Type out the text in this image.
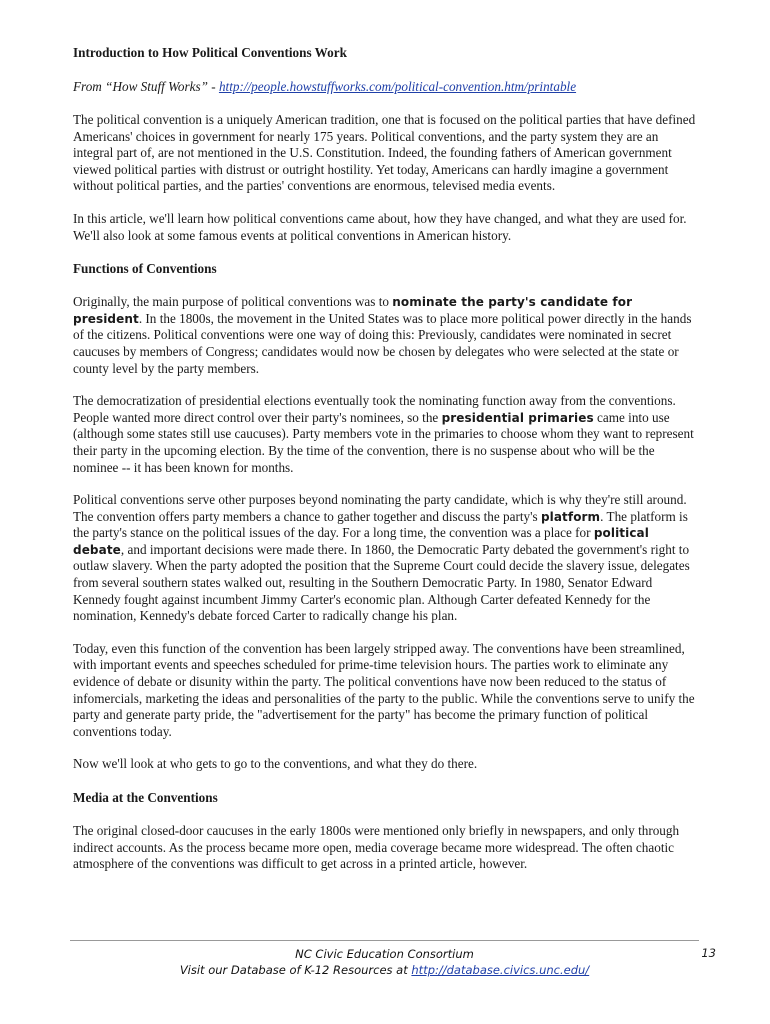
Introduction to How Political Conventions Work
From “How Stuff Works” - http://people.howstuffworks.com/political-convention.htm/printable

The political convention is a uniquely American tradition, one that is focused on the political parties that have defined Americans' choices in government for nearly 175 years. Political conventions, and the party system they are an integral part of, are not mentioned in the U.S. Constitution. Indeed, the founding fathers of American government viewed political parties with distrust or outright hostility. Yet today, Americans can hardly imagine a government without political parties, and the parties' conventions are enormous, televised media events.

In this article, we'll learn how political conventions came about, how they have changed, and what they are used for. We'll also look at some famous events at political conventions in American history.

Functions of Conventions

Originally, the main purpose of political conventions was to nominate the party's candidate for president. In the 1800s, the movement in the United States was to place more political power directly in the hands of the citizens. Political conventions were one way of doing this: Previously, candidates were nominated in secret caucuses by members of Congress; candidates would now be chosen by delegates who were selected at the state or county level by the party members.

The democratization of presidential elections eventually took the nominating function away from the conventions. People wanted more direct control over their party's nominees, so the presidential primaries came into use (although some states still use caucuses). Party members vote in the primaries to choose whom they want to represent their party in the upcoming election. By the time of the convention, there is no suspense about who will be the nominee -- it has been known for months.

Political conventions serve other purposes beyond nominating the party candidate, which is why they're still around. The convention offers party members a chance to gather together and discuss the party's platform. The platform is the party's stance on the political issues of the day. For a long time, the convention was a place for political debate, and important decisions were made there. In 1860, the Democratic Party debated the government's right to outlaw slavery. When the party adopted the position that the Supreme Court could decide the slavery issue, delegates from several southern states walked out, resulting in the Southern Democratic Party. In 1980, Senator Edward Kennedy fought against incumbent Jimmy Carter's economic plan. Although Carter defeated Kennedy for the nomination, Kennedy's debate forced Carter to radically change his plan.

Today, even this function of the convention has been largely stripped away. The conventions have been streamlined, with important events and speeches scheduled for prime-time television hours. The parties work to eliminate any evidence of debate or disunity within the party. The political conventions have now been reduced to the status of infomercials, marketing the ideas and personalities of the party to the public. While the conventions serve to unify the party and generate party pride, the "advertisement for the party" has become the primary function of political conventions today.

Now we'll look at who gets to go to the conventions, and what they do there.

Media at the Conventions

The original closed-door caucuses in the early 1800s were mentioned only briefly in newspapers, and only through indirect accounts. As the process became more open, media coverage became more widespread. The often chaotic atmosphere of the conventions was difficult to get across in a printed article, however.

NC Civic Education Consortium
Visit our Database of K-12 Resources at http://database.civics.unc.edu/
13
